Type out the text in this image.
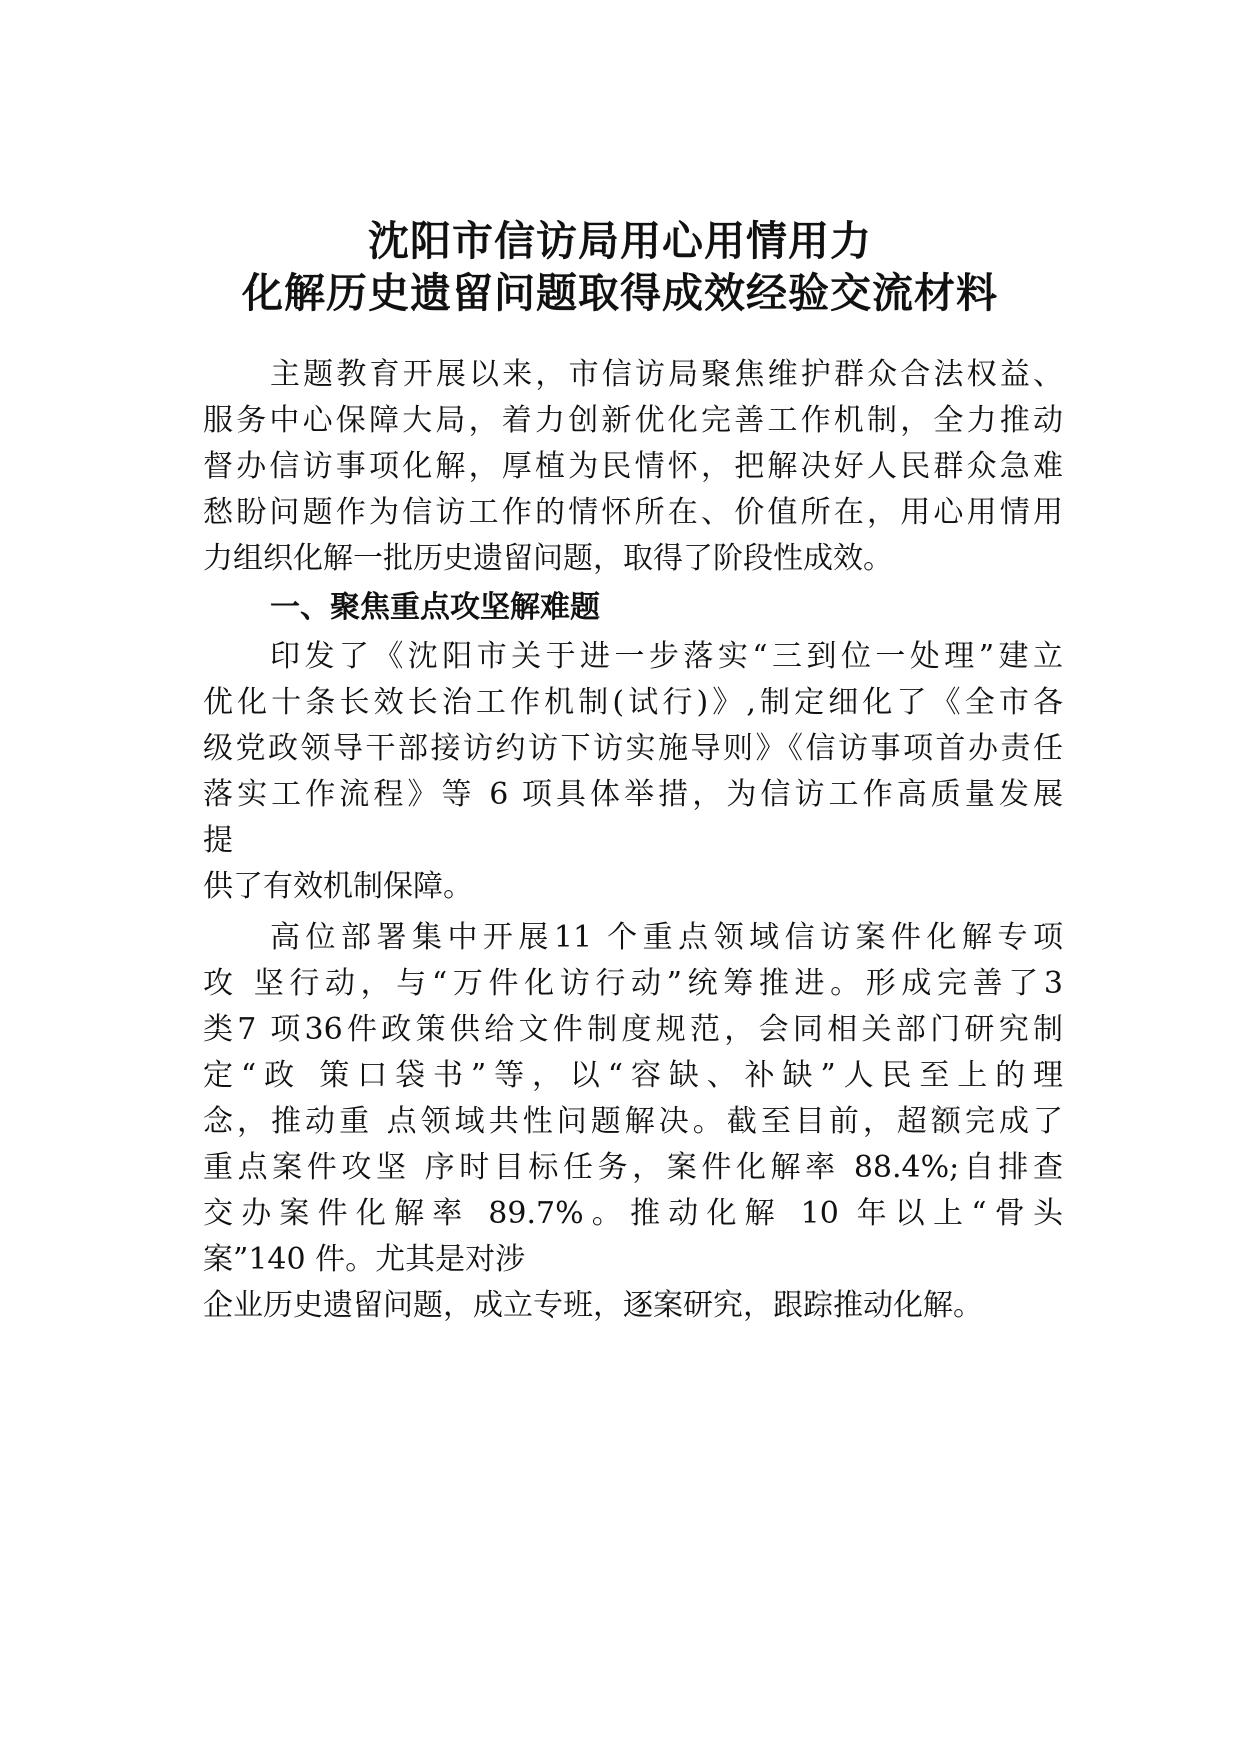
沈阳市信访局用心用情用力
化解历史遗留问题取得成效经验交流材料
主题教育开展以来，市信访局聚焦维护群众合法权益、
服务中心保障大局，着力创新优化完善工作机制，全力推动
督办信访事项化解，厚植为民情怀，把解决好人民群众急难
愁盼问题作为信访工作的情怀所在、价值所在，用心用情用
力组织化解一批历史遗留问题，取得了阶段性成效。
一、聚焦重点攻坚解难题
印发了《沈阳市关于进一步落实“三到位一处理”建立
优化十条长效长治工作机制(试行)》,制定细化了《全市各
级党政领导干部接访约访下访实施导则》《信访事项首办责任
落实工作流程》等 6 项具体举措，为信访工作高质量发展
提
供了有效机制保障。
高位部署集中开展11 个重点领域信访案件化解专项
攻 坚行动，与“万件化访行动”统筹推进。形成完善了3
类7 项36件政策供给文件制度规范，会同相关部门研究制
定“政 策口袋书”等，以“容缺、补缺”人民至上的理
念，推动重 点领域共性问题解决。截至目前，超额完成了
重点案件攻坚 序时目标任务，案件化解率 88.4%;自排查
交办案件化解率 89.7%。推动化解 10 年以上“骨头
案”140 件。尤其是对涉
企业历史遗留问题，成立专班，逐案研究，跟踪推动化解。
